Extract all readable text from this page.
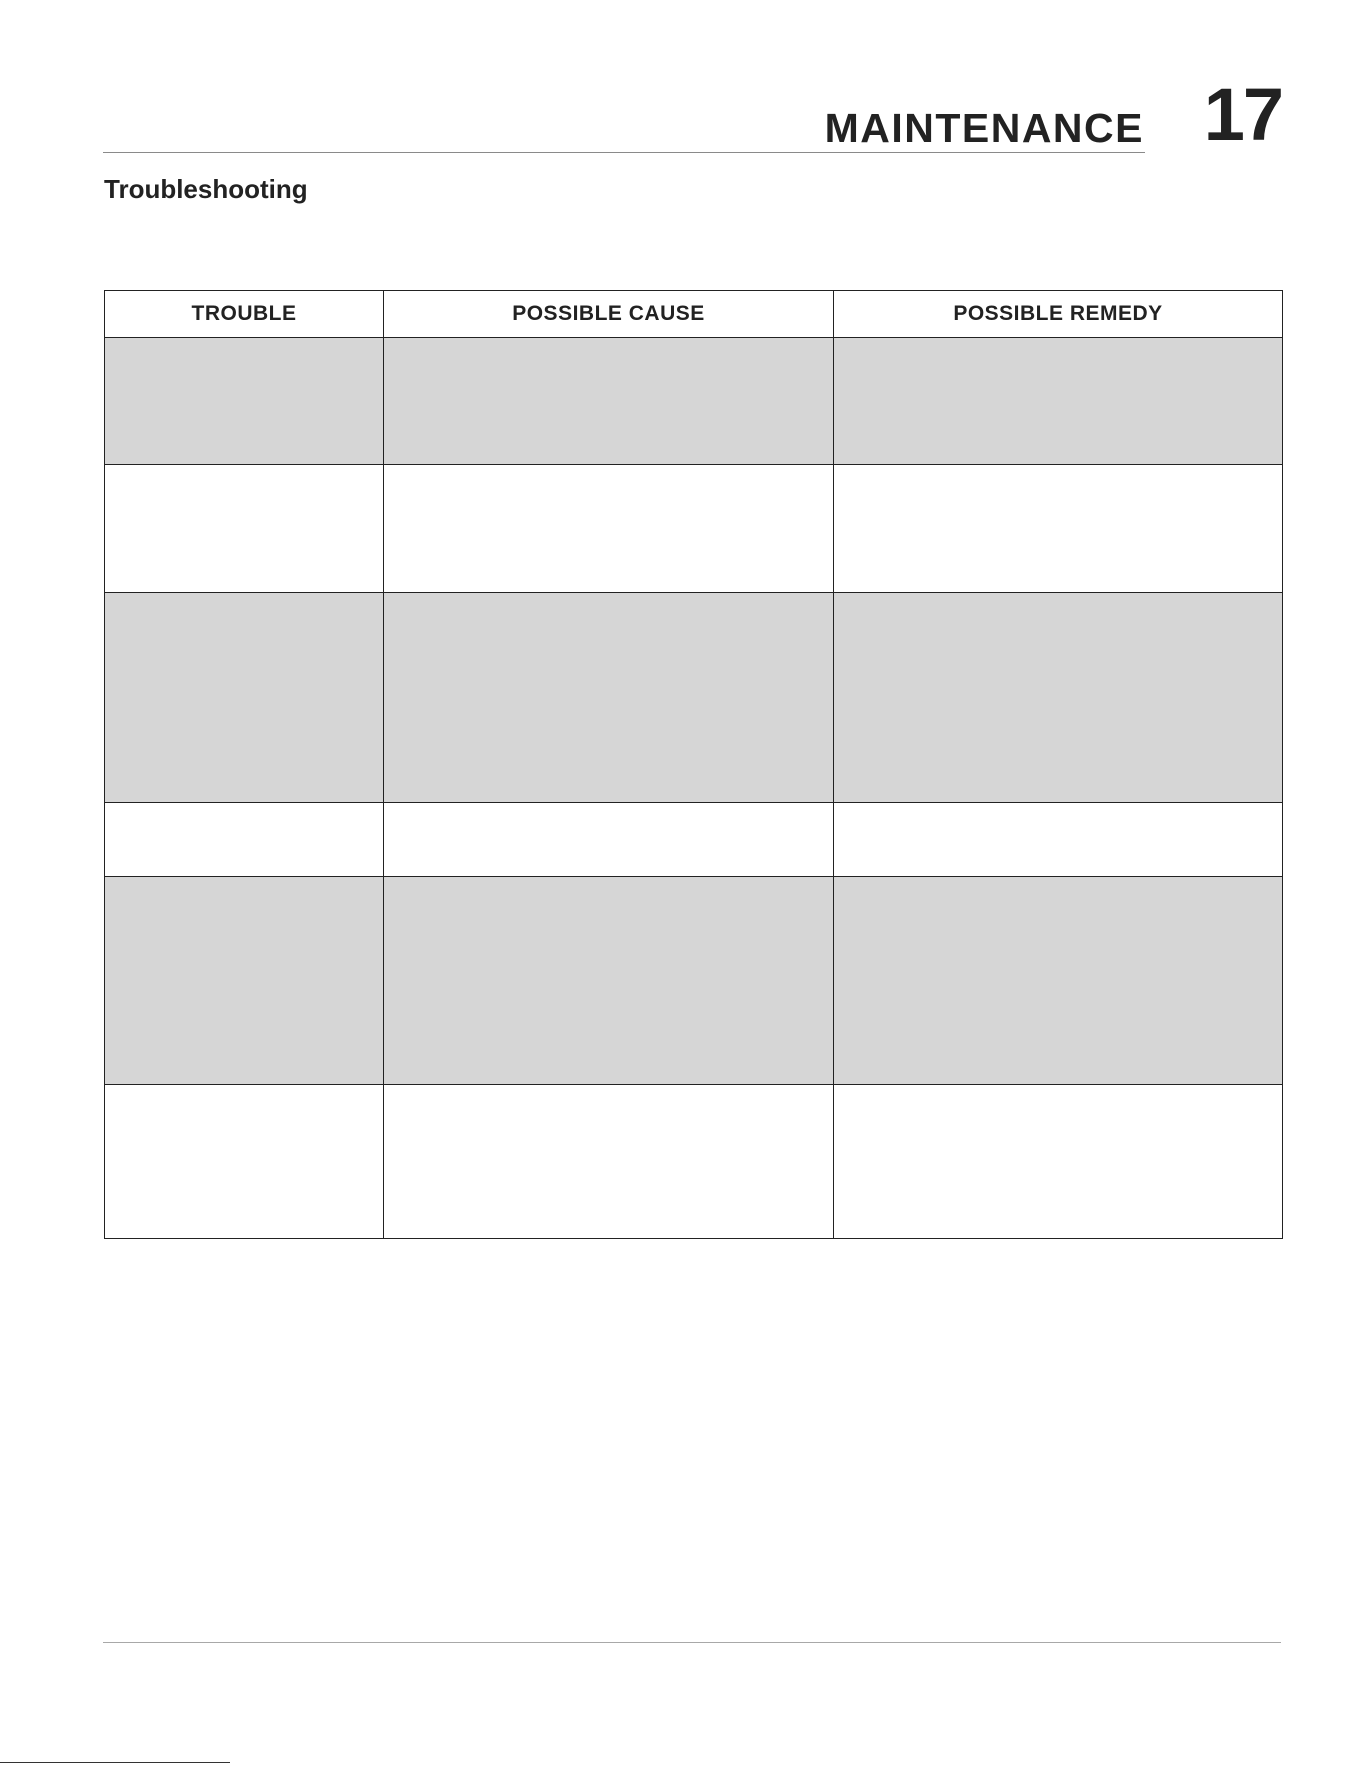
MAINTENANCE 17
Troubleshooting
TROUBLE	POSSIBLE CAUSE	POSSIBLE REMEDY
